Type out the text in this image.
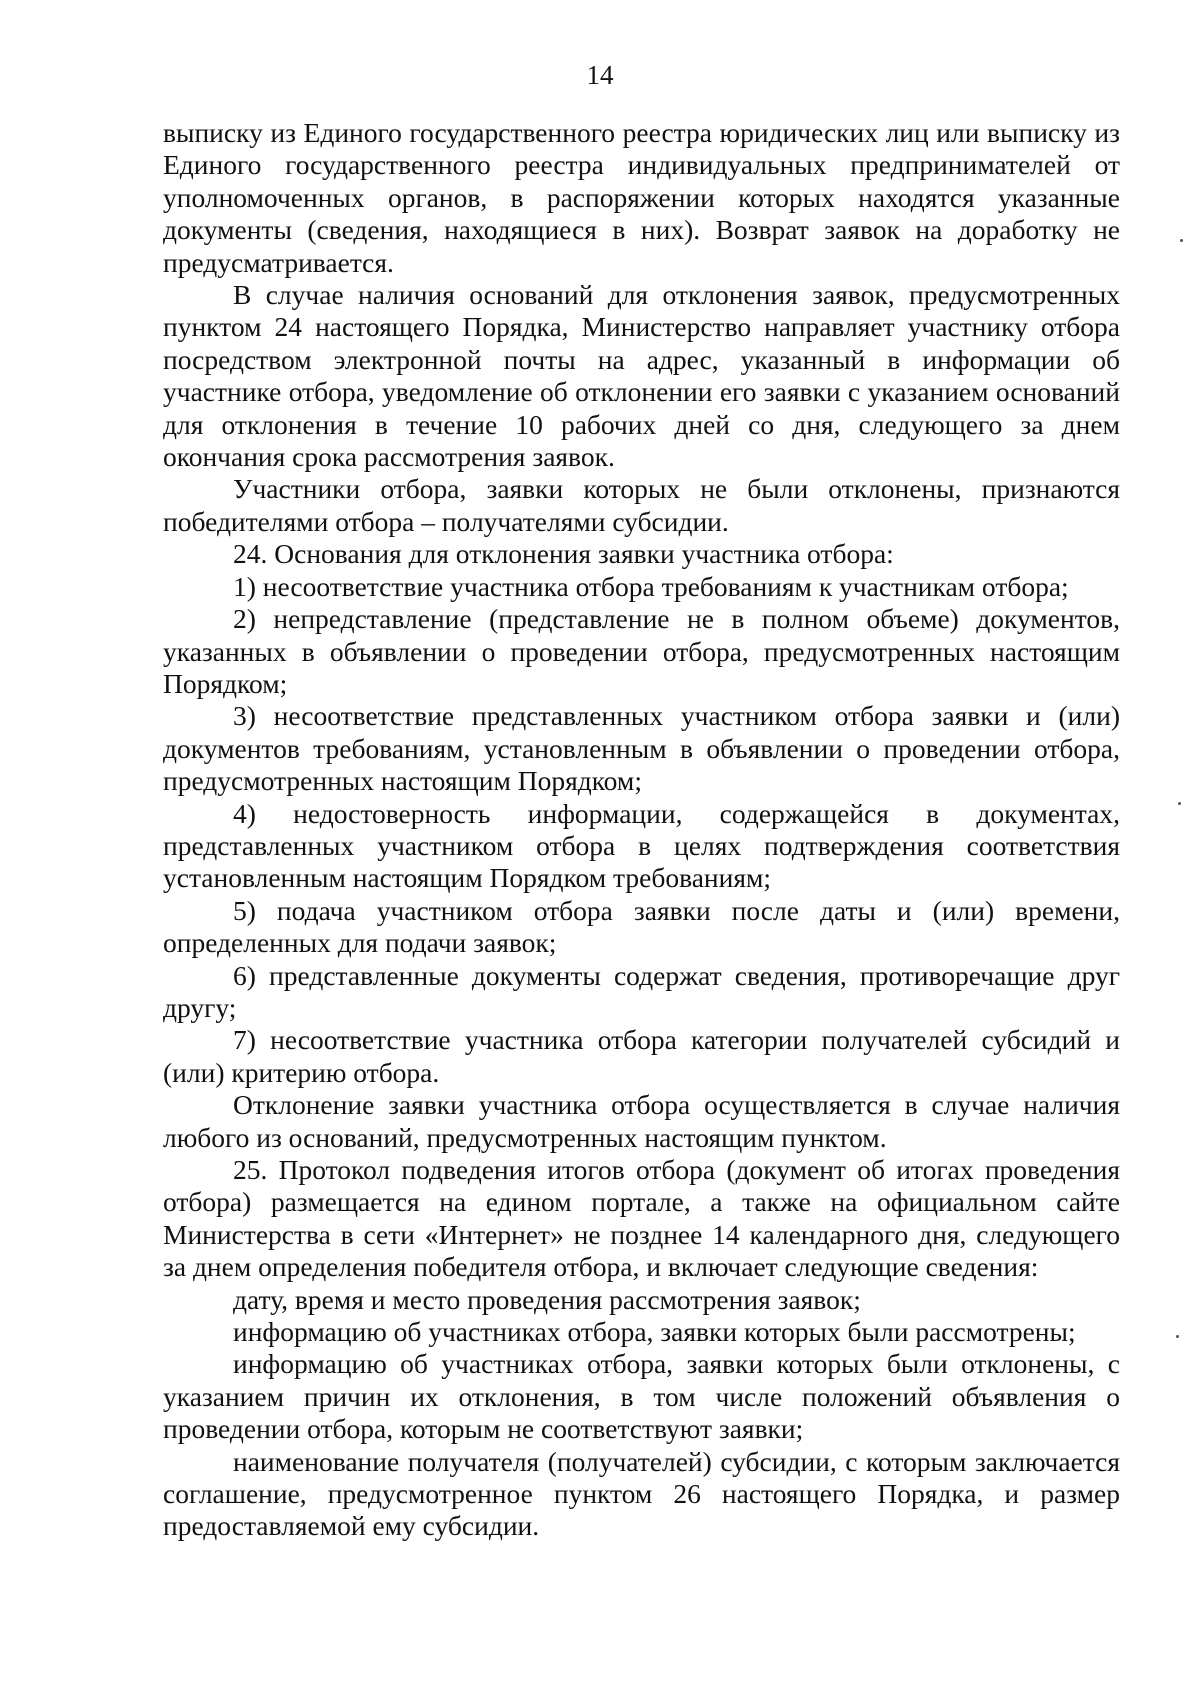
14

выписку из Единого государственного реестра юридических лиц или выписку из Единого государственного реестра индивидуальных предпринимателей от уполномоченных органов, в распоряжении которых находятся указанные документы (сведения, находящиеся в них). Возврат заявок на доработку не предусматривается.

В случае наличия оснований для отклонения заявок, предусмотренных пунктом 24 настоящего Порядка, Министерство направляет участнику отбора посредством электронной почты на адрес, указанный в информации об участнике отбора, уведомление об отклонении его заявки с указанием оснований для отклонения в течение 10 рабочих дней со дня, следующего за днем окончания срока рассмотрения заявок.

Участники отбора, заявки которых не были отклонены, признаются победителями отбора – получателями субсидии.

24. Основания для отклонения заявки участника отбора:

1) несоответствие участника отбора требованиям к участникам отбора;

2) непредставление (представление не в полном объеме) документов, указанных в объявлении о проведении отбора, предусмотренных настоящим Порядком;

3) несоответствие представленных участником отбора заявки и (или) документов требованиям, установленным в объявлении о проведении отбора, предусмотренных настоящим Порядком;

4) недостоверность информации, содержащейся в документах, представленных участником отбора в целях подтверждения соответствия установленным настоящим Порядком требованиям;

5) подача участником отбора заявки после даты и (или) времени, определенных для подачи заявок;

6) представленные документы содержат сведения, противоречащие друг другу;

7) несоответствие участника отбора категории получателей субсидий и (или) критерию отбора.

Отклонение заявки участника отбора осуществляется в случае наличия любого из оснований, предусмотренных настоящим пунктом.

25. Протокол подведения итогов отбора (документ об итогах проведения отбора) размещается на едином портале, а также на официальном сайте Министерства в сети «Интернет» не позднее 14 календарного дня, следующего за днем определения победителя отбора, и включает следующие сведения:

дату, время и место проведения рассмотрения заявок;

информацию об участниках отбора, заявки которых были рассмотрены;

информацию об участниках отбора, заявки которых были отклонены, с указанием причин их отклонения, в том числе положений объявления о проведении отбора, которым не соответствуют заявки;

наименование получателя (получателей) субсидии, с которым заключается соглашение, предусмотренное пунктом 26 настоящего Порядка, и размер предоставляемой ему субсидии.
